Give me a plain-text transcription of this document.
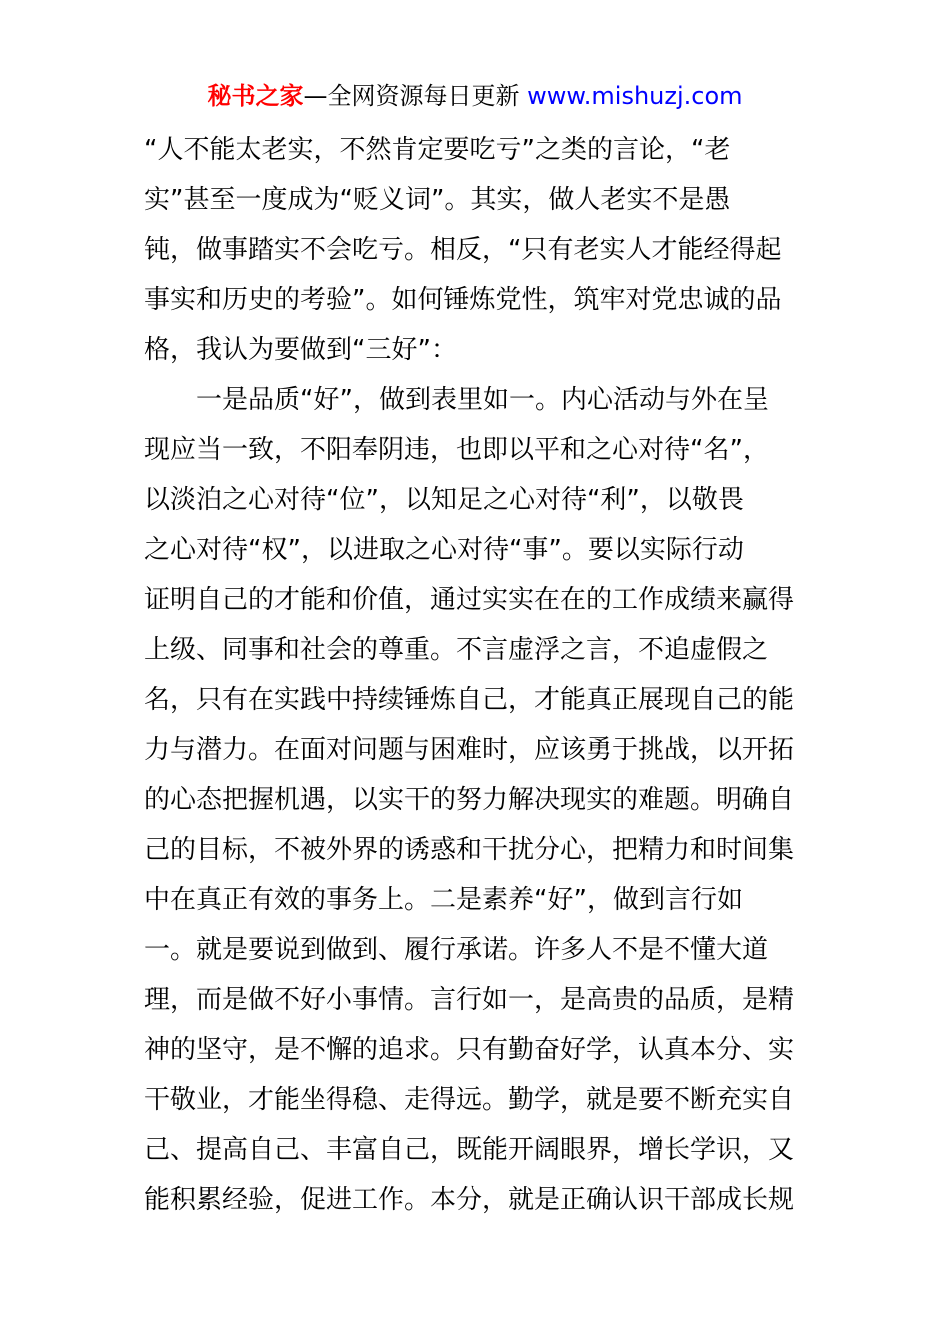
秘书之家—全网资源每日更新 www.mishuzj.com
“人不能太老实，不然肯定要吃亏”之类的言论，“老
实”甚至一度成为“贬义词”。其实，做人老实不是愚
钝，做事踏实不会吃亏。相反，“只有老实人才能经得起
事实和历史的考验”。如何锤炼党性，筑牢对党忠诚的品
格，我认为要做到“三好”：
　　一是品质“好”，做到表里如一。内心活动与外在呈
现应当一致，不阳奉阴违，也即以平和之心对待“名”，
以淡泊之心对待“位”，以知足之心对待“利”，以敬畏
之心对待“权”，以进取之心对待“事”。要以实际行动
证明自己的才能和价值，通过实实在在的工作成绩来赢得
上级、同事和社会的尊重。不言虚浮之言，不追虚假之
名，只有在实践中持续锤炼自己，才能真正展现自己的能
力与潜力。在面对问题与困难时，应该勇于挑战，以开拓
的心态把握机遇，以实干的努力解决现实的难题。明确自
己的目标，不被外界的诱惑和干扰分心，把精力和时间集
中在真正有效的事务上。二是素养“好”，做到言行如
一。就是要说到做到、履行承诺。许多人不是不懂大道
理，而是做不好小事情。言行如一，是高贵的品质，是精
神的坚守，是不懈的追求。只有勤奋好学，认真本分、实
干敬业，才能坐得稳、走得远。勤学，就是要不断充实自
己、提高自己、丰富自己，既能开阔眼界，增长学识，又
能积累经验，促进工作。本分，就是正确认识干部成长规
